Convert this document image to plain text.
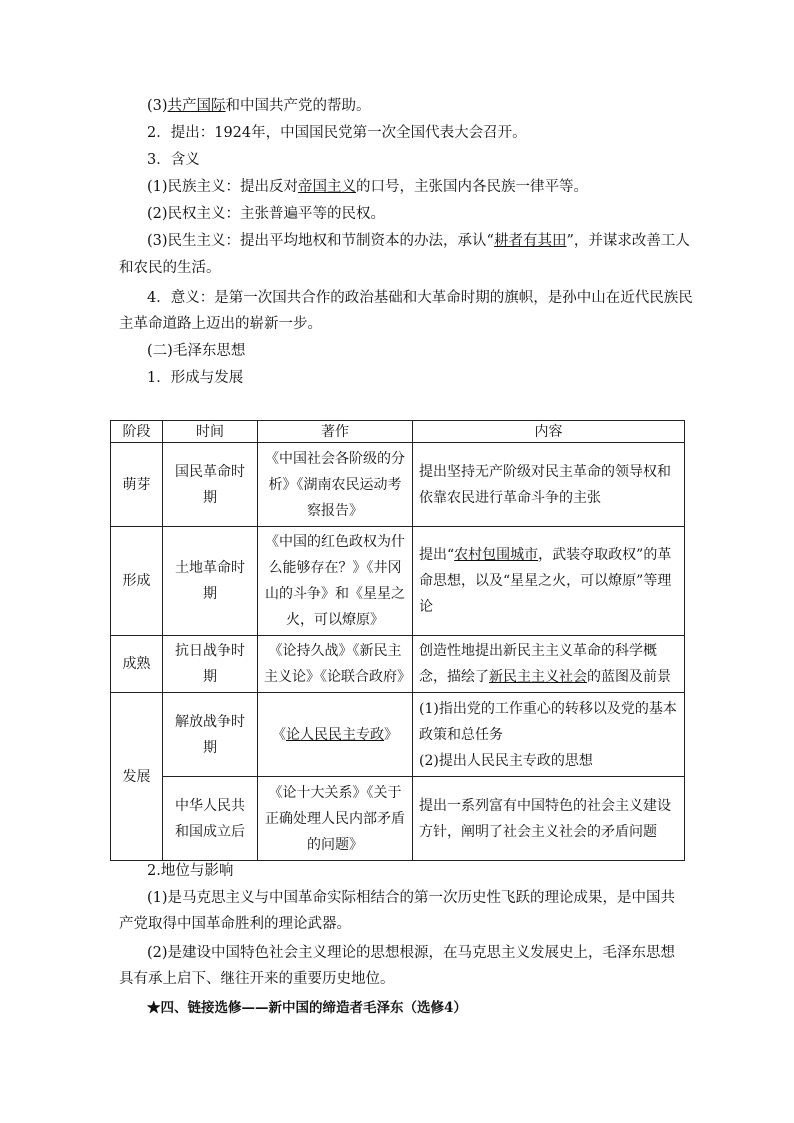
(3)共产国际和中国共产党的帮助。
2．提出：1924年，中国国民党第一次全国代表大会召开。
3．含义
(1)民族主义：提出反对帝国主义的口号，主张国内各民族一律平等。
(2)民权主义：主张普遍平等的民权。
(3)民生主义：提出平均地权和节制资本的办法，承认“耕者有其田”，并谋求改善工人
和农民的生活。
4．意义：是第一次国共合作的政治基础和大革命时期的旗帜，是孙中山在近代民族民
主革命道路上迈出的崭新一步。
(二)毛泽东思想
1．形成与发展
阶段	时间	著作	内容
萌芽	国民革命时期	《中国社会各阶级的分析》《湖南农民运动考察报告》	提出坚持无产阶级对民主革命的领导权和依靠农民进行革命斗争的主张
形成	土地革命时期	《中国的红色政权为什么能够存在？》《井冈山的斗争》和《星星之火，可以燎原》	提出“农村包围城市，武装夺取政权”的革命思想，以及“星星之火，可以燎原”等理论
成熟	抗日战争时期	《论持久战》《新民主主义论》《论联合政府》	创造性地提出新民主主义革命的科学概念，描绘了新民主主义社会的蓝图及前景
发展	解放战争时期	《论人民民主专政》	(1)指出党的工作重心的转移以及党的基本政策和总任务
(2)提出人民民主专政的思想

	中华人民共和国成立后	《论十大关系》《关于正确处理人民内部矛盾的问题》	提出一系列富有中国特色的社会主义建设方针，阐明了社会主义社会的矛盾问题
2.地位与影响
(1)是马克思主义与中国革命实际相结合的第一次历史性飞跃的理论成果，是中国共产党取得中国革命胜利的理论武器。
(2)是建设中国特色社会主义理论的思想根源，在马克思主义发展史上，毛泽东思想具有承上启下、继往开来的重要历史地位。
★四、链接选修——新中国的缔造者毛泽东（选修4）
